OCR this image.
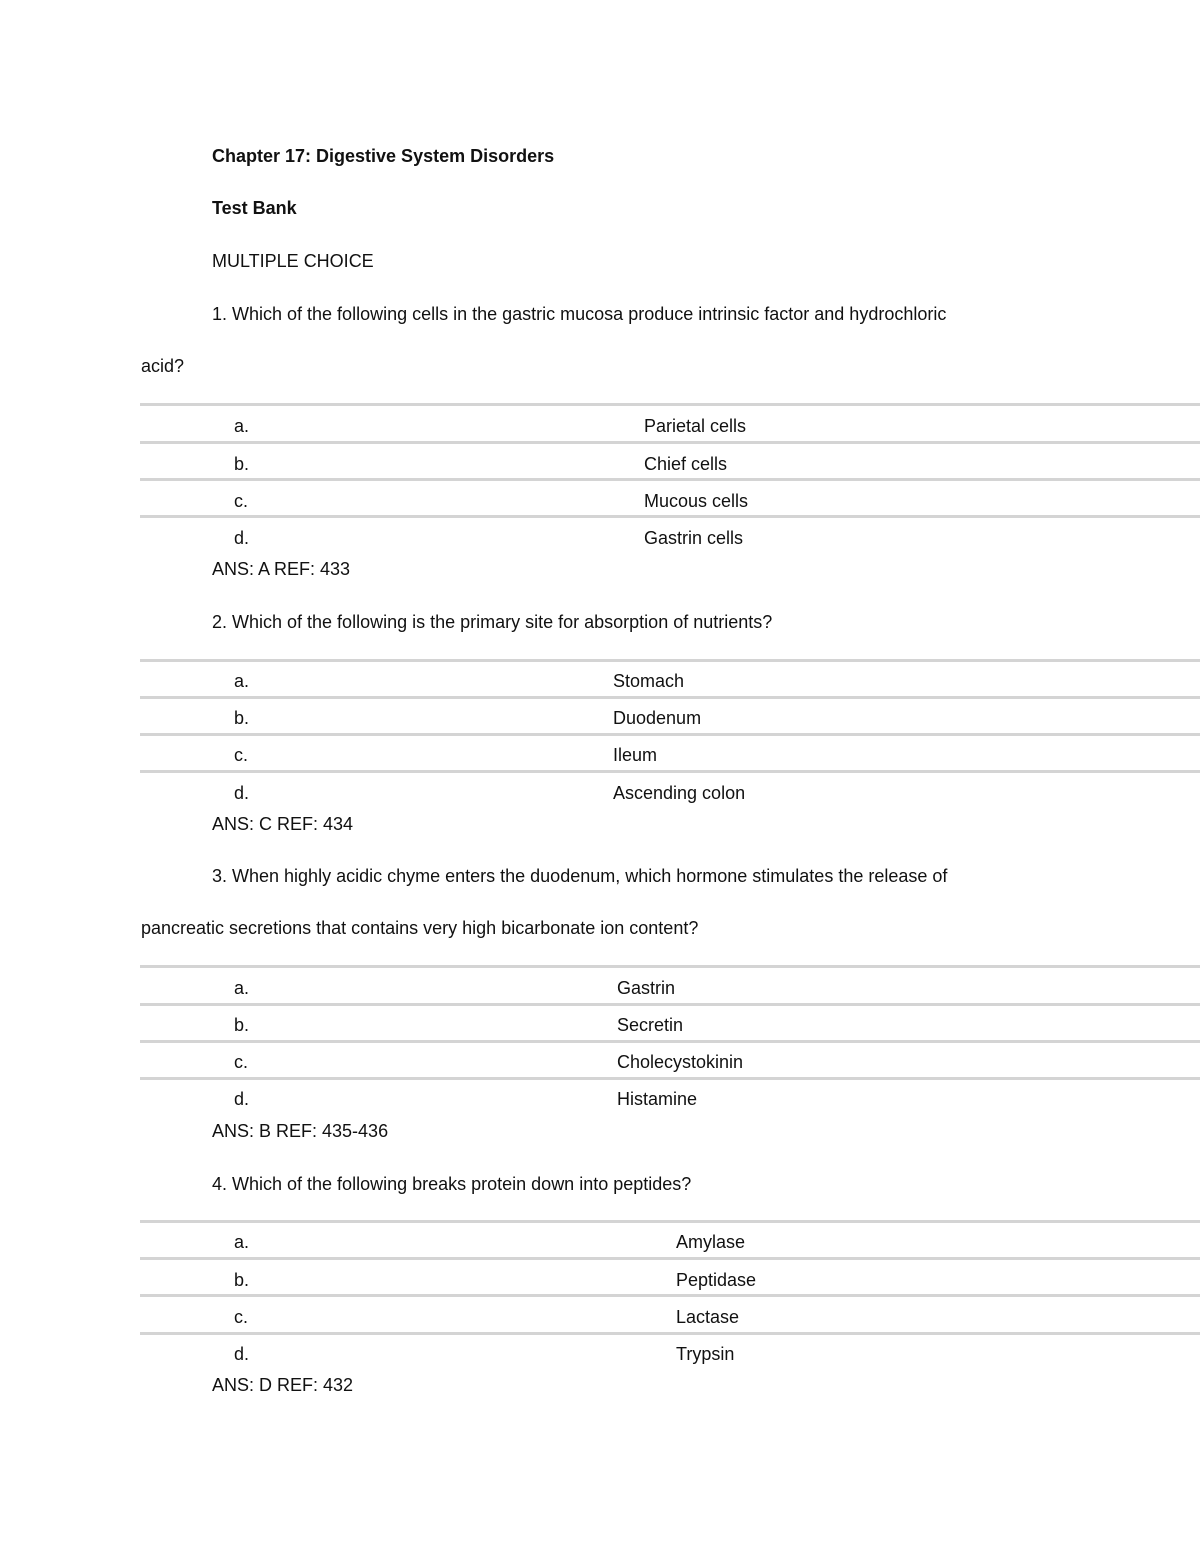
Chapter 17: Digestive System Disorders
Test Bank
MULTIPLE CHOICE
1. Which of the following cells in the gastric mucosa produce intrinsic factor and hydrochloric
acid?
a.	Parietal cells
b.	Chief cells
c.	Mucous cells
d.	Gastrin cells
ANS: A REF: 433
2. Which of the following is the primary site for absorption of nutrients?
a.	Stomach
b.	Duodenum
c.	Ileum
d.	Ascending colon
ANS: C REF: 434
3. When highly acidic chyme enters the duodenum, which hormone stimulates the release of
pancreatic secretions that contains very high bicarbonate ion content?
a.	Gastrin
b.	Secretin
c.	Cholecystokinin
d.	Histamine
ANS: B REF: 435-436
4. Which of the following breaks protein down into peptides?
a.	Amylase
b.	Peptidase
c.	Lactase
d.	Trypsin
ANS: D REF: 432
